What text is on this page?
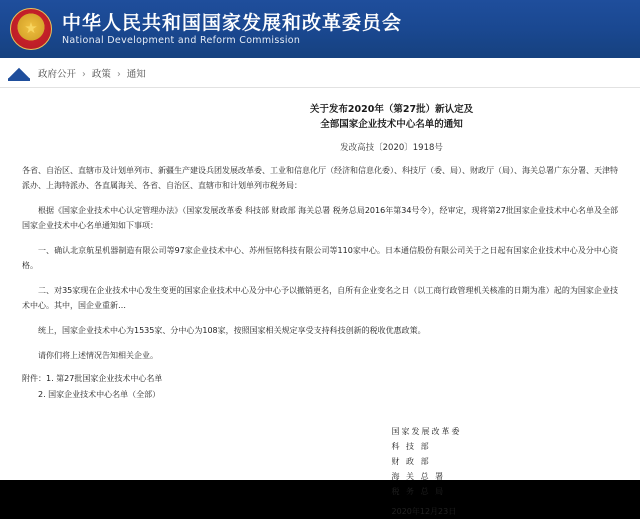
★
中华人民共和国国家发展和改革委员会
National Development and Reform Commission
政府公开 › 政策 › 通知
关于发布2020年（第27批）新认定及
全部国家企业技术中心名单的通知
发改高技〔2020〕1918号
各省、自治区、直辖市及计划单列市、新疆生产建设兵团发展改革委、工业和信息化厅（经济和信息化委）、科技厅（委、局）、财政厅（局）、海关总署广东分署、天津特派办、上海特派办、各直属海关、各省、自治区、直辖市和计划单列市税务局：
根据《国家企业技术中心认定管理办法》（国家发展改革委 科技部 财政部 海关总署 税务总局2016年第34号令），经审定，现将第27批国家企业技术中心名单及全部国家企业技术中心名单通知如下事项：
一、确认北京航星机器制造有限公司等97家企业技术中心、苏州恒铭科技有限公司等110家中心。日本通信股份有限公司关于之日起有国家企业技术中心及分中心资格。
二、对35家现在企业技术中心发生变更的国家企业技术中心及分中心予以撤销更名，自所有企业变名之日（以工商行政管理机关核准的日期为准）起的为国家企业技术中心。其中，国企业重新…
统上，国家企业技术中心为1535家、分中心为108家，按照国家相关规定享受支持科技创新的税收优惠政策。
请你们将上述情况告知相关企业。
附件：1. 第27批国家企业技术中心名单
2. 国家企业技术中心名单（全部）
国家发展改革委
科 技 部
财 政 部
海 关 总 署
税 务 总 局
2020年12月23日
